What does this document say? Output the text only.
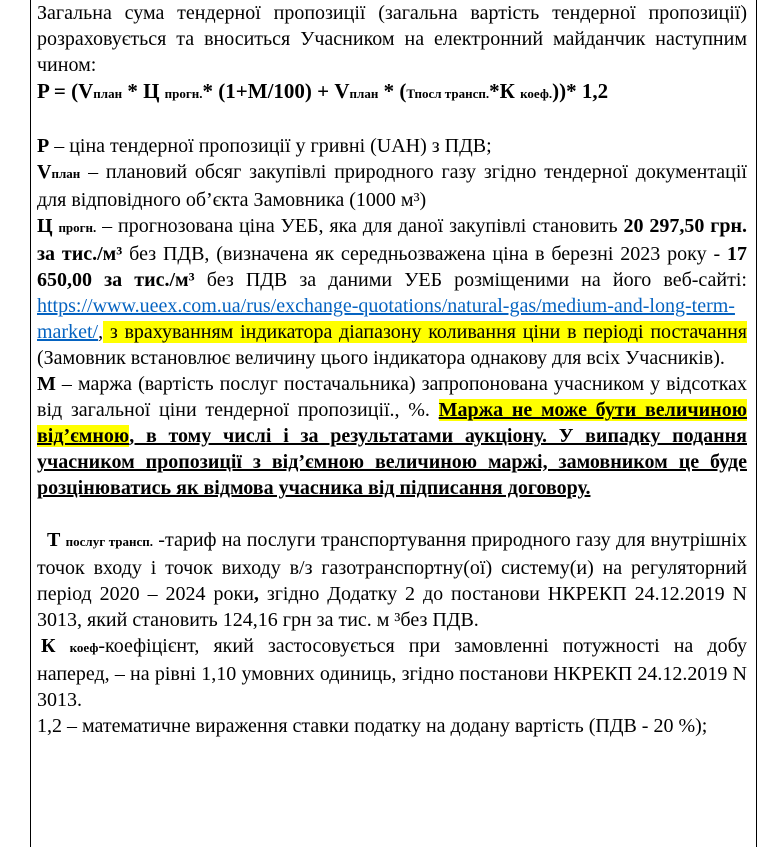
Загальна сума тендерної пропозиції (загальна вартість тендерної пропозиції) розраховується та вноситься Учасником на електронний майданчик наступним чином:

P = (Vплан * Ц прогн.* (1+М/100) + Vплан * (Тпосл трансп.*К коеф.))* 1,2

Р – ціна тендерної пропозиції у гривні (UAH) з ПДВ;

Vплан – плановий обсяг закупівлі природного газу згідно тендерної документації для відповідного об’єкта Замовника (1000 м³)

Ц прогн. – прогнозована ціна УЕБ, яка для даної закупівлі становить 20 297,50 грн. за тис./м³ без ПДВ, (визначена як середньозважена ціна в березні 2023 року - 17 650,00 за тис./м³ без ПДВ за даними УЕБ розміщеними на його веб-сайті: https://www.ueex.com.ua/rus/exchange-quotations/natural-gas/medium-and-long-term-market/, з врахуванням індикатора діапазону коливання ціни в періоді постачання (Замовник встановлює величину цього індикатора однакову для всіх Учасників).

М – маржа (вартість послуг постачальника) запропонована учасником у відсотках від загальної ціни тендерної пропозиції., %. Маржа не може бути величиною від’ємною, в тому числі і за результатами аукціону. У випадку подання учасником пропозиції з від’ємною величиною маржі, замовником це буде розцінюватись як відмова учасника від підписання договору.

Т послуг трансп. -тариф на послуги транспортування природного газу для внутрішніх точок входу і точок виходу в/з газотранспортну(ої) систему(и) на регуляторний період 2020 – 2024 роки, згідно Додатку 2 до постанови НКРЕКП 24.12.2019 N 3013, який становить 124,16 грн за тис. м ³без ПДВ.

К коеф-коефіцієнт, який застосовується при замовленні потужності на добу наперед, – на рівні 1,10 умовних одиниць, згідно постанови НКРЕКП 24.12.2019 N 3013.

1,2 – математичне вираження ставки податку на додану вартість (ПДВ - 20 %);
